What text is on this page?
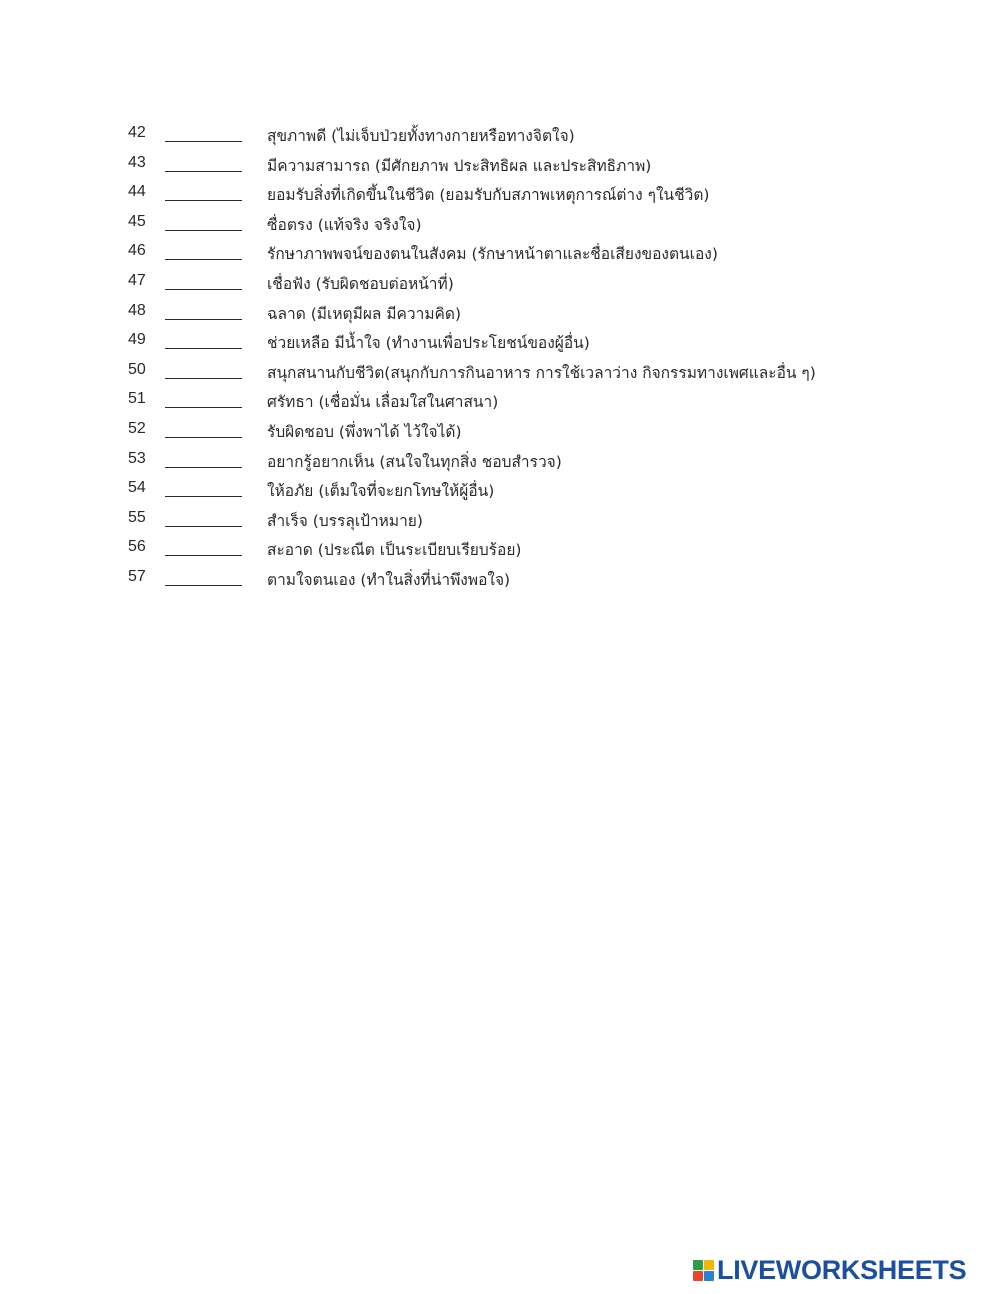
42	สุขภาพดี (ไม่เจ็บป่วยทั้งทางกายหรือทางจิตใจ)
43	มีความสามารถ (มีศักยภาพ ประสิทธิผล และประสิทธิภาพ)
44	ยอมรับสิ่งที่เกิดขึ้นในชีวิต (ยอมรับกับสภาพเหตุการณ์ต่าง ๆในชีวิต)
45	ซื่อตรง (แท้จริง จริงใจ)
46	รักษาภาพพจน์ของตนในสังคม (รักษาหน้าตาและชื่อเสียงของตนเอง)
47	เชื่อฟัง (รับผิดชอบต่อหน้าที่)
48	ฉลาด (มีเหตุมีผล มีความคิด)
49	ช่วยเหลือ มีน้ำใจ (ทำงานเพื่อประโยชน์ของผู้อื่น)
50	สนุกสนานกับชีวิต(สนุกกับการกินอาหาร การใช้เวลาว่าง กิจกรรมทางเพศและอื่น ๆ)
51	ศรัทธา (เชื่อมั่น เลื่อมใสในศาสนา)
52	รับผิดชอบ (พึ่งพาได้ ไว้ใจได้)
53	อยากรู้อยากเห็น (สนใจในทุกสิ่ง ชอบสำรวจ)
54	ให้อภัย (เต็มใจที่จะยกโทษให้ผู้อื่น)
55	สำเร็จ (บรรลุเป้าหมาย)
56	สะอาด (ประณีต เป็นระเบียบเรียบร้อย)
57	ตามใจตนเอง (ทำในสิ่งที่น่าพึงพอใจ)
LIVEWORKSHEETS
